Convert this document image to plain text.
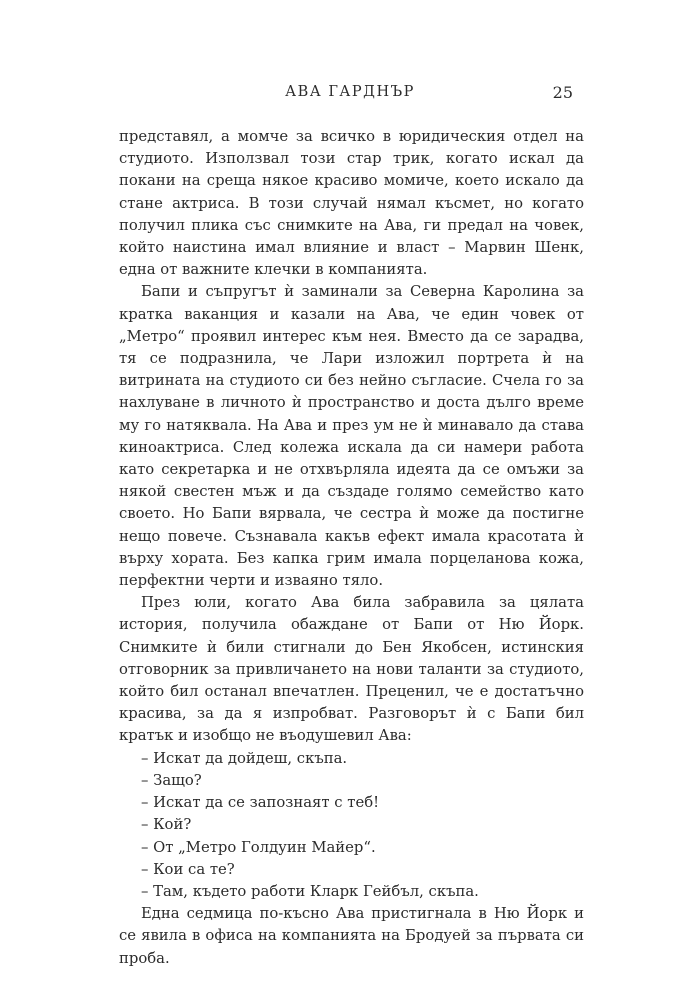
АВА ГАРДНЪР	25

представял, а момче за всичко в юридическия отдел на студиото. Използвал този стар трик, когато искал да покани на среща някое красиво момиче, което искало да стане актриса. В този случай нямал късмет, но когато получил плика със снимките на Ава, ги предал на човек, който наистина имал влияние и власт – Марвин Шенк, една от важните клечки в компанията.

Бапи и съпругът ѝ заминали за Северна Каролина за кратка ваканция и казали на Ава, че един човек от „Метро“ проявил интерес към нея. Вместо да се зарадва, тя се подразнила, че Лари изложил портрета ѝ на витрината на студиото си без нейно съгласие. Счела го за нахлуване в личното ѝ пространство и доста дълго време му го натяквала. На Ава и през ум не ѝ минавало да става киноактриса. След колежа искала да си намери работа като секретарка и не отхвърляла идеята да се омъжи за някой свестен мъж и да създаде голямо семейство като своето. Но Бапи вярвала, че сестра ѝ може да постигне нещо повече. Съзнавала какъв ефект имала красотата ѝ върху хората. Без капка грим имала порцеланова кожа, перфектни черти и изваяно тяло.

През юли, когато Ава била забравила за цялата история, получила обаждане от Бапи от Ню Йорк. Снимките ѝ били стигнали до Бен Якобсен, истинския отговорник за привличането на нови таланти за студиото, който бил останал впечатлен. Преценил, че е достатъчно красива, за да я изпробват. Разговорът ѝ с Бапи бил кратък и изобщо не въодушевил Ава:

– Искат да дойдеш, скъпа.

– Защо?

– Искат да се запознаят с теб!

– Кой?

– От „Метро Голдуин Майер“.

– Кои са те?

– Там, където работи Кларк Гейбъл, скъпа.

Една седмица по-късно Ава пристигнала в Ню Йорк и се явила в офиса на компанията на Бродуей за първата си проба.
